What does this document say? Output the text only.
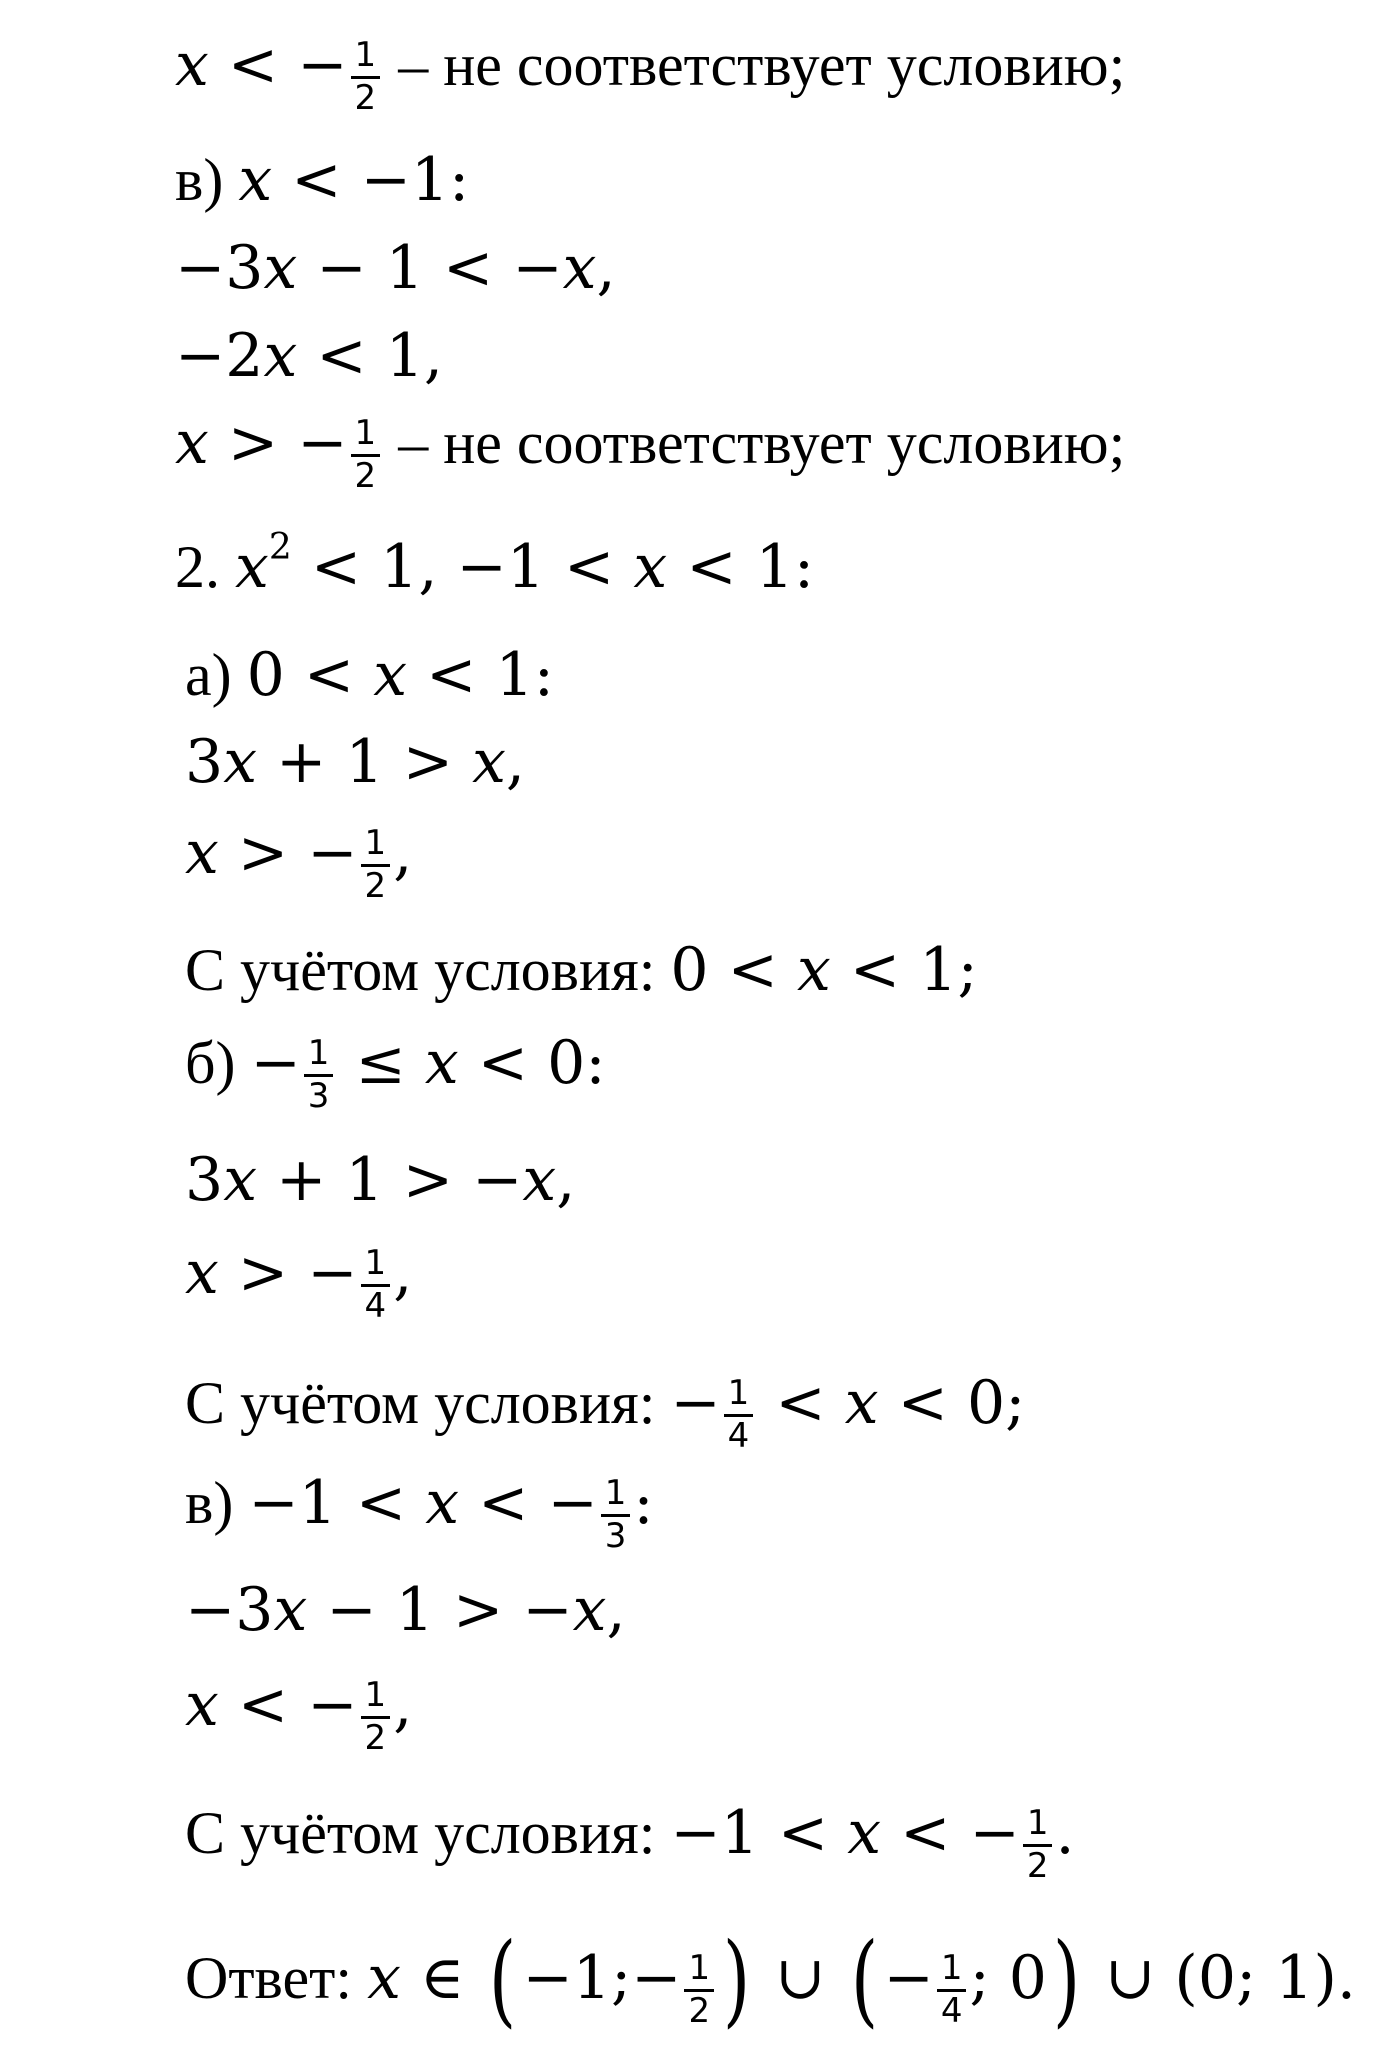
x < − $\frac{1}{2}$ – не соответствует условию;
в) x < −1:
−3x − 1 < −x,
−2x < 1,
x > − $\frac{1}{2}$ – не соответствует условию;
2. $x^2 < 1$, −1 < x < 1:
а) 0 < x < 1:
3x + 1 > x,
x > − $\frac{1}{2}$ ,
С учётом условия: 0 < x < 1;
$б) - \frac{1}{3} \le x < 0$:
3x + 1 > −x,
x > − $\frac{1}{4}$ ,
С учётом условия: − $\frac{1}{4} < x < 0$;
в) −1 < x < − $\frac{1}{3}$ :
−3x − 1 > −x,
x < − $\frac{1}{2}$ ,
С учётом условия: −1 < x < − $\frac{1}{2}$ .
Ответ: x ∈ (−1;− $\frac{1}{2}$ ) ∪ (− $\frac{1}{4}$ ; 0) ∪ (0; 1).
